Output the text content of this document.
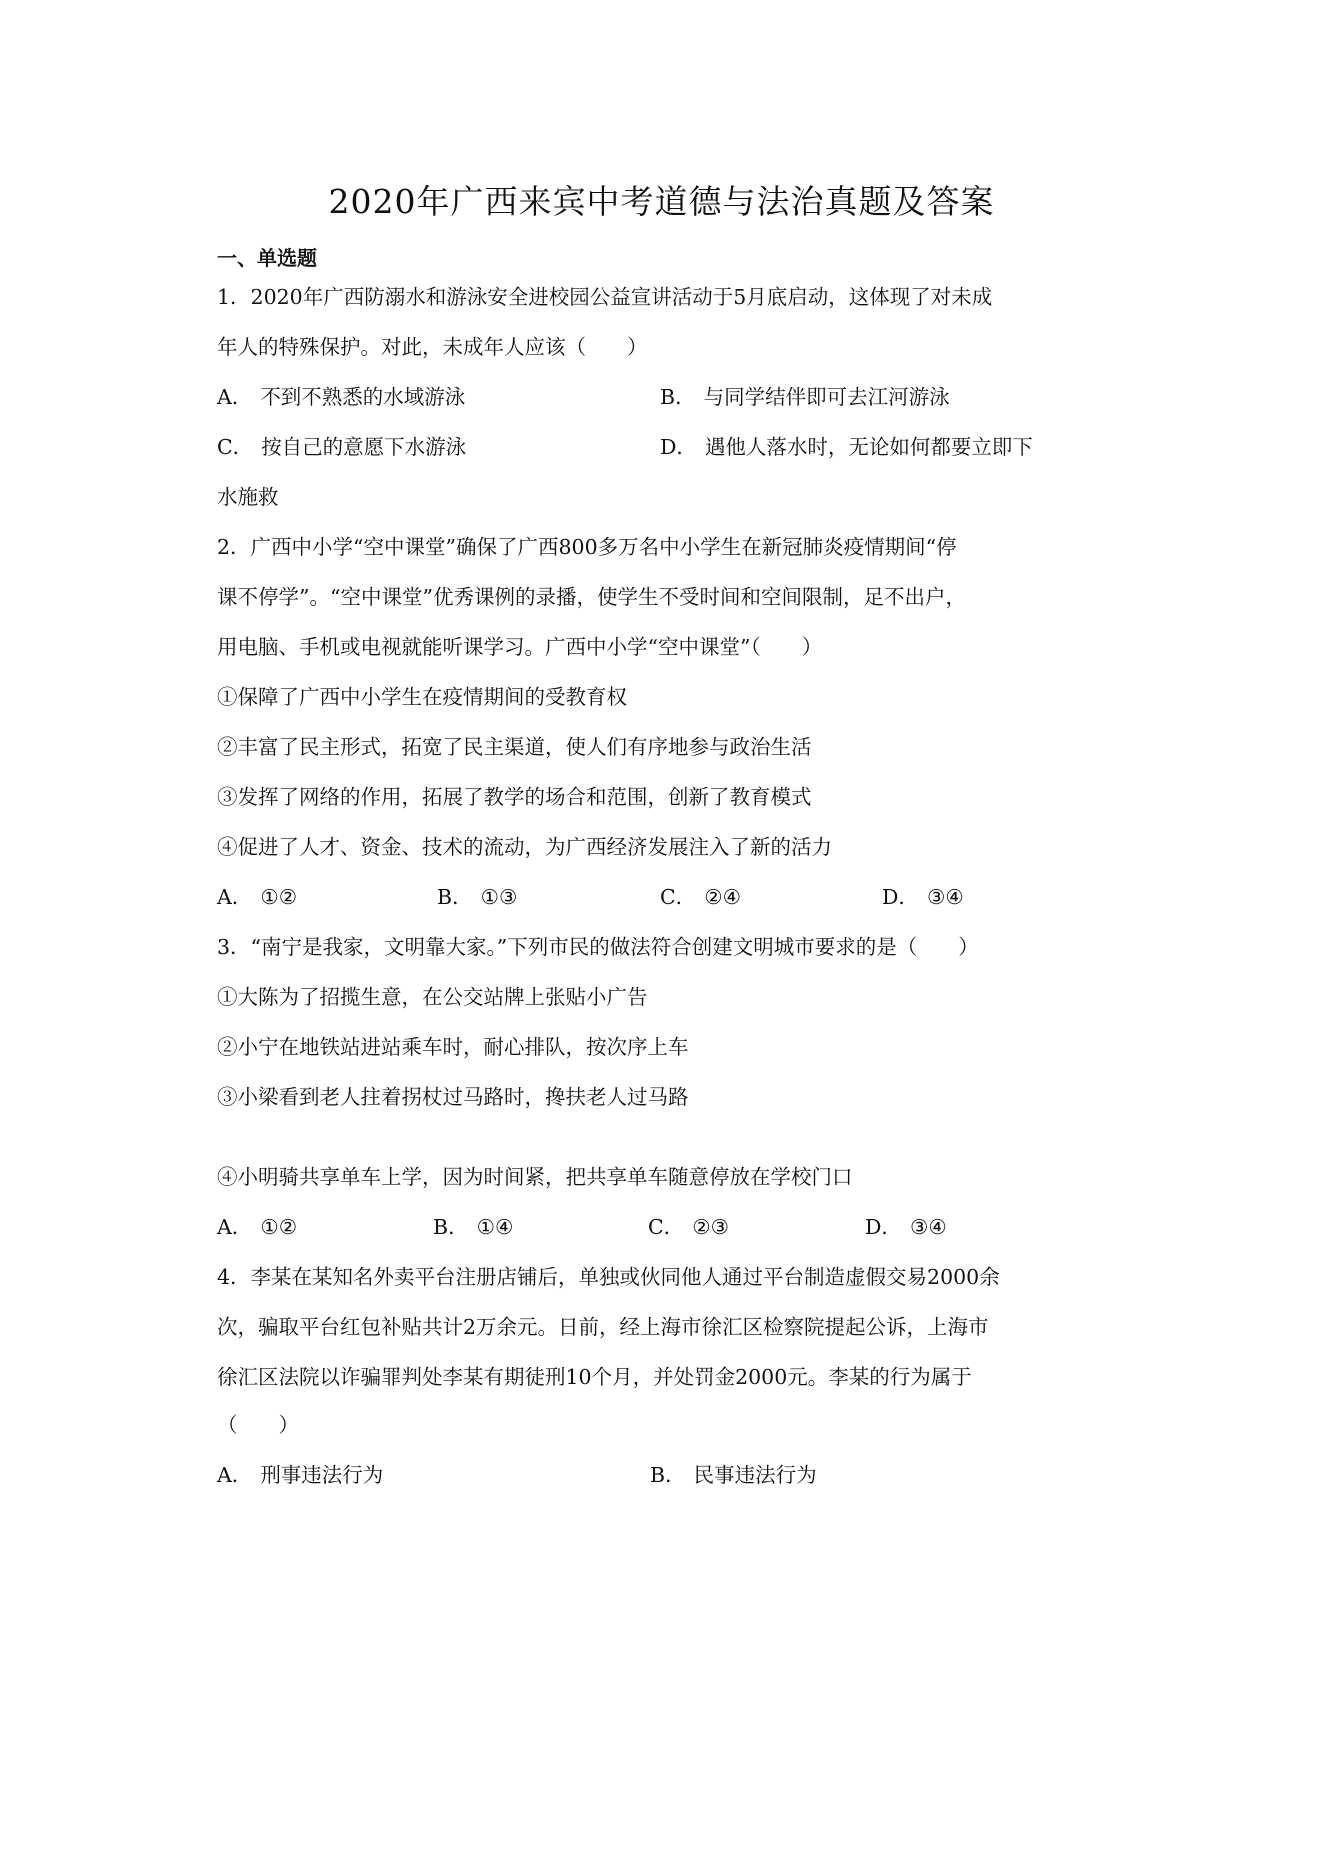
2020年广西来宾中考道德与法治真题及答案
一、单选题
1．2020年广西防溺水和游泳安全进校园公益宣讲活动于5月底启动，这体现了对未成
年人的特殊保护。对此，未成年人应该（　　）
A． 不到不熟悉的水域游泳	B． 与同学结伴即可去江河游泳
C． 按自己的意愿下水游泳	D． 遇他人落水时，无论如何都要立即下
水施救
2．广西中小学“空中课堂”确保了广西800多万名中小学生在新冠肺炎疫情期间“停
课不停学”。“空中课堂”优秀课例的录播，使学生不受时间和空间限制，足不出户，
用电脑、手机或电视就能听课学习。广西中小学“空中课堂”（　　）
①保障了广西中小学生在疫情期间的受教育权
②丰富了民主形式，拓宽了民主渠道，使人们有序地参与政治生活
③发挥了网络的作用，拓展了教学的场合和范围，创新了教育模式
④促进了人才、资金、技术的流动，为广西经济发展注入了新的活力
A． ①②	B． ①③	C． ②④	D． ③④
3．“南宁是我家，文明靠大家。”下列市民的做法符合创建文明城市要求的是（　　）
①大陈为了招揽生意，在公交站牌上张贴小广告
②小宁在地铁站进站乘车时，耐心排队，按次序上车
③小梁看到老人拄着拐杖过马路时，搀扶老人过马路
④小明骑共享单车上学，因为时间紧，把共享单车随意停放在学校门口
A． ①②	B． ①④	C． ②③	D． ③④
4．李某在某知名外卖平台注册店铺后，单独或伙同他人通过平台制造虚假交易2000余
次，骗取平台红包补贴共计2万余元。日前，经上海市徐汇区检察院提起公诉，上海市
徐汇区法院以诈骗罪判处李某有期徒刑10个月，并处罚金2000元。李某的行为属于
（　　）
A． 刑事违法行为	B． 民事违法行为
